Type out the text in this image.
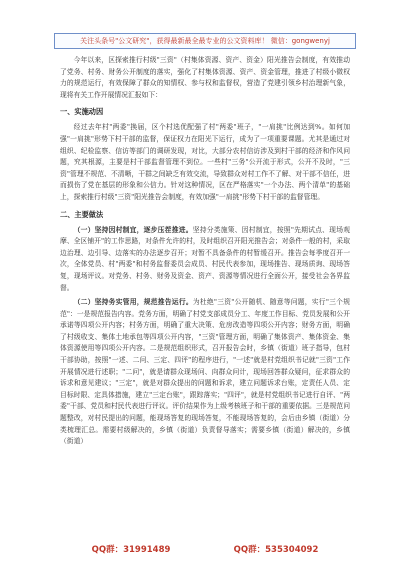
关注头条号"公文研究"，获得最新最全最专业的公文资料库！ 微信：gongwenyj

今年以来，区探索推行村级"三资"（村集体资源、资产、资金）阳光推告会制度，有效推动了党务、村务、财务公开制度的落实，强化了村集体资源、资产、资金管理，推进了村级小微权力的规范运行，有效保障了群众的知情权、参与权和监督权，营造了党建引领乡村治理新气象，现将有关工作开展情况汇报如下：

一、实施动因

经过去年村"两委"换届，区个村选优配强了村"两委"班子，"一肩挑"比例达到%。如何加强"一肩挑"形势下村干部的监督，保证权力在阳光下运行，成为了一项重要课题。尤其是通过对组织、纪检监察、信访等部门的调研发现，对比，大部分农村信访涉及到村干部的经济和作风问题，究其根源，主要是村干部监督管理不到位。一些村"三务"公开流于形式，公开不及时，"三资"管理不规范、不清晰，干群之间缺乏有效交流，导致群众对村工作不了解、对干部不信任，进而损伤了党在基层的形象和公信力。针对这种情况，区在严格落实"一个办法、两个清单"的基础上，探索推行村级"三资"阳光推告会制度，有效加强"一肩挑"形势下村干部的监督管理。

二、主要做法

（一）坚持因村制宜，逐步压茬推进。坚持分类施策、因村制宜，按照"先期试点、现场观摩、全区铺开"的工作思路，对条件允许的村，及时组织召开阳光推告会；对条件一般的村，采取边治理、边引导、边落实的办法逐步召开；对暂不具备条件的村暂缓召开。推告会每季度召开一次，全体党员、村"两委"和村务监督委员会成员、村民代表参加，现场推告、现场质询、现场答复，现场评议。对党务、村务、财务及资金、资产、资源等情况进行全面公开，接受社会各界监督。

（二）坚持务实管用，规范推告运行。为杜绝"三资"公开随机、随意等问题，实行"三个规范"：一是规范报告内容。党务方面，明确了村党支部成员分工、年度工作目标、党员发展和公开承诺等四项公开内容；村务方面，明确了重大决策、危房改造等四项公开内容；财务方面，明确了村级收支、集体土地承包等四项公开内容，"三资"管理方面，明确了集体资产、集体资金、集体资源使用等四项公开内容。二是规范组织形式，召开报告会时，乡镇（街道）班子指导，包村干部协助，按照"一述、二问、三定、四评"的程序进行，"一述"就是村党组织书记就"三资"工作开展情况进行述职；"二问"，就是请群众现场问、向群众问计，现场回答群众疑问，征求群众的诉求和意见建议；"三定"，就是对群众提出的问题和诉求，建立问题诉求台账，定责任人员、定目标时限、定具体措施，建立"三定台账"，跟踪落实；"四评"，就是村党组织书记进行自评、"两委"干部、党员和村民代表进行评议。评价结果作为上级考核班子和干部的重要依据。三是规范问题整改，对村民提出的问题，能现场答复的现场答复，不能现场答复的，会后由乡镇（街道）分类梳理汇总。需要村级解决的，乡镇（街道）负责督导落实；需要乡镇（街道）解决的，乡镇（街道）

QQ群：31991489	QQ群：535304092
